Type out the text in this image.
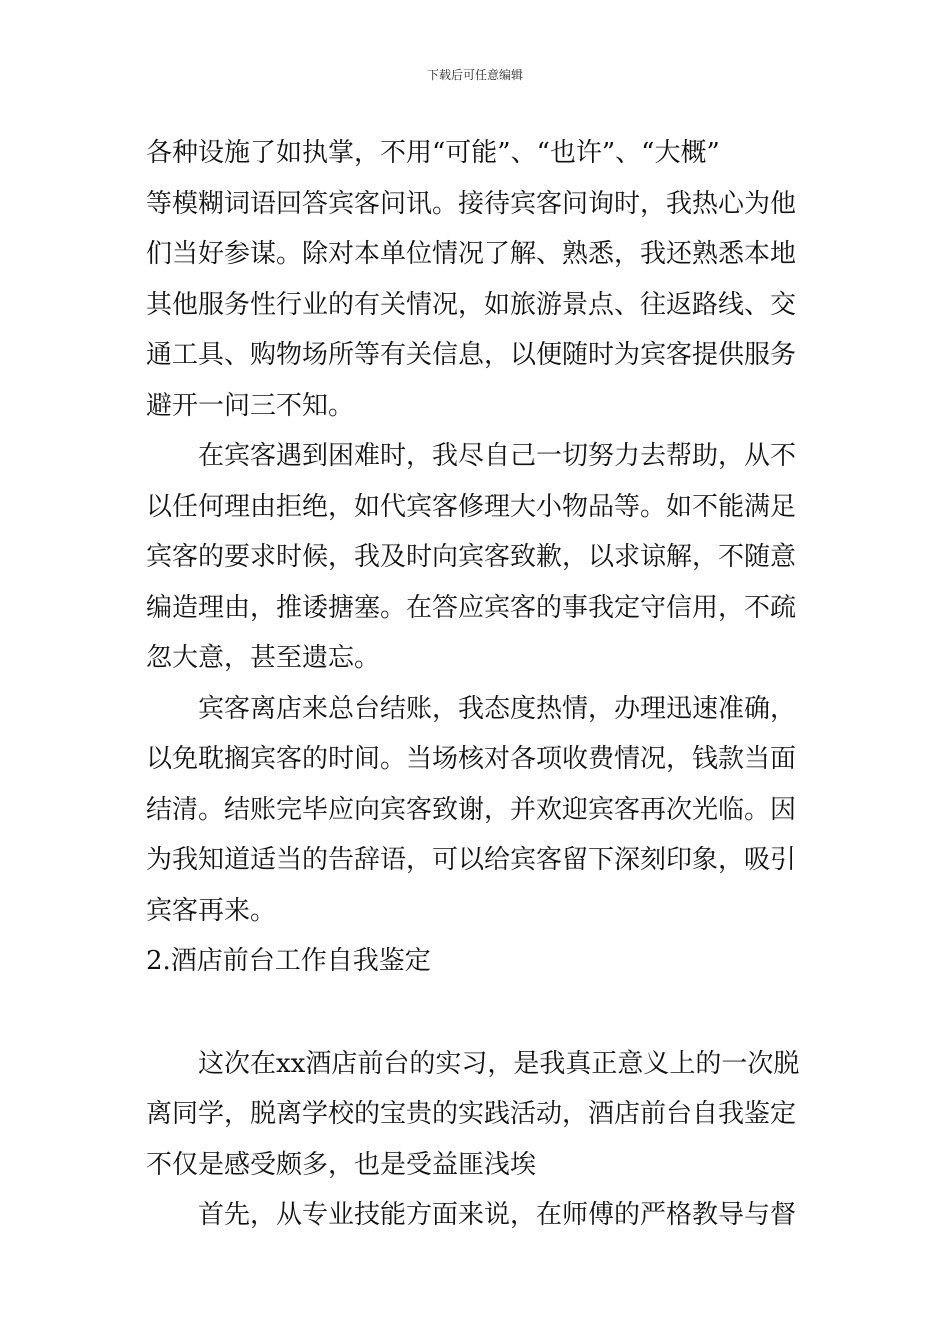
下载后可任意编辑
各种设施了如执掌，不用“可能”、“也许”、“大概”
等模糊词语回答宾客问讯。接待宾客问询时，我热心为他
们当好参谋。除对本单位情况了解、熟悉，我还熟悉本地
其他服务性行业的有关情况，如旅游景点、往返路线、交
通工具、购物场所等有关信息，以便随时为宾客提供服务
避开一问三不知。
在宾客遇到困难时，我尽自己一切努力去帮助，从不
以任何理由拒绝，如代宾客修理大小物品等。如不能满足
宾客的要求时候，我及时向宾客致歉，以求谅解，不随意
编造理由，推诿搪塞。在答应宾客的事我定守信用，不疏
忽大意，甚至遗忘。
宾客离店来总台结账，我态度热情，办理迅速准确，
以免耽搁宾客的时间。当场核对各项收费情况，钱款当面
结清。结账完毕应向宾客致谢，并欢迎宾客再次光临。因
为我知道适当的告辞语，可以给宾客留下深刻印象，吸引
宾客再来。
2.酒店前台工作自我鉴定
这次在xx酒店前台的实习，是我真正意义上的一次脱
离同学，脱离学校的宝贵的实践活动，酒店前台自我鉴定
不仅是感受颇多，也是受益匪浅埃
首先，从专业技能方面来说，在师傅的严格教导与督
